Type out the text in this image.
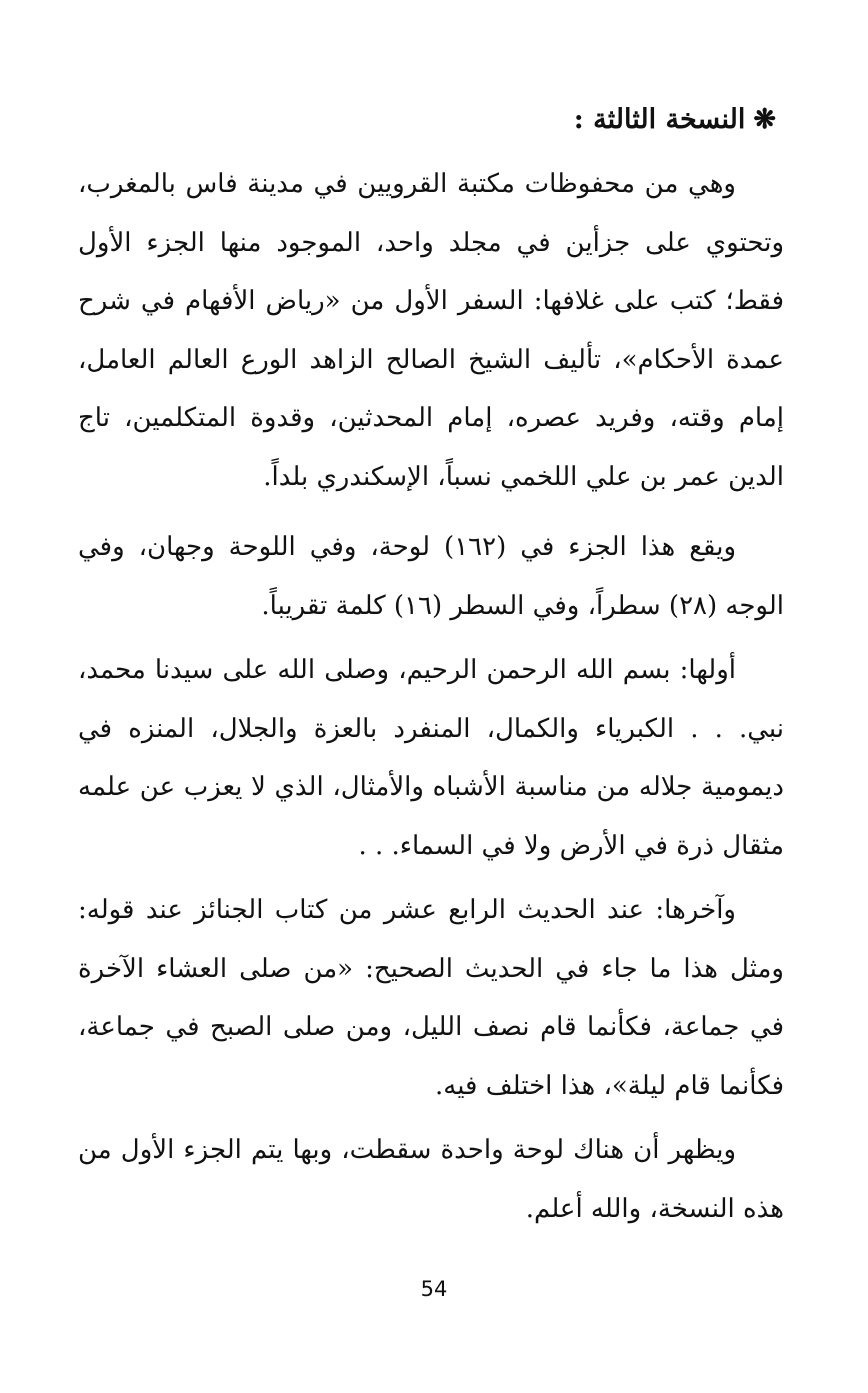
❋النسخة الثالثة :

وهي من محفوظات مكتبة القرويين في مدينة فاس بالمغرب، وتحتوي على جزأين في مجلد واحد، الموجود منها الجزء الأول فقط؛ كتب على غلافها: السفر الأول من «رياض الأفهام في شرح عمدة الأحكام»، تأليف الشيخ الصالح الزاهد الورع العالم العامل، إمام وقته، وفريد عصره، إمام المحدثين، وقدوة المتكلمين، تاج الدين عمر بن علي اللخمي نسباً، الإسكندري بلداً.

ويقع هذا الجزء في (١٦٢) لوحة، وفي اللوحة وجهان، وفي الوجه (٢٨) سطراً، وفي السطر (١٦) كلمة تقريباً.

أولها: بسم الله الرحمن الرحيم، وصلى الله على سيدنا محمد، نبي. . . الكبرياء والكمال، المنفرد بالعزة والجلال، المنزه في ديمومية جلاله من مناسبة الأشباه والأمثال، الذي لا يعزب عن علمه مثقال ذرة في الأرض ولا في السماء. . .

وآخرها: عند الحديث الرابع عشر من كتاب الجنائز عند قوله: ومثل هذا ما جاء في الحديث الصحيح: «من صلى العشاء الآخرة في جماعة، فكأنما قام نصف الليل، ومن صلى الصبح في جماعة، فكأنما قام ليلة»، هذا اختلف فيه.

ويظهر أن هناك لوحة واحدة سقطت، وبها يتم الجزء الأول من هذه النسخة، والله أعلم.

54
